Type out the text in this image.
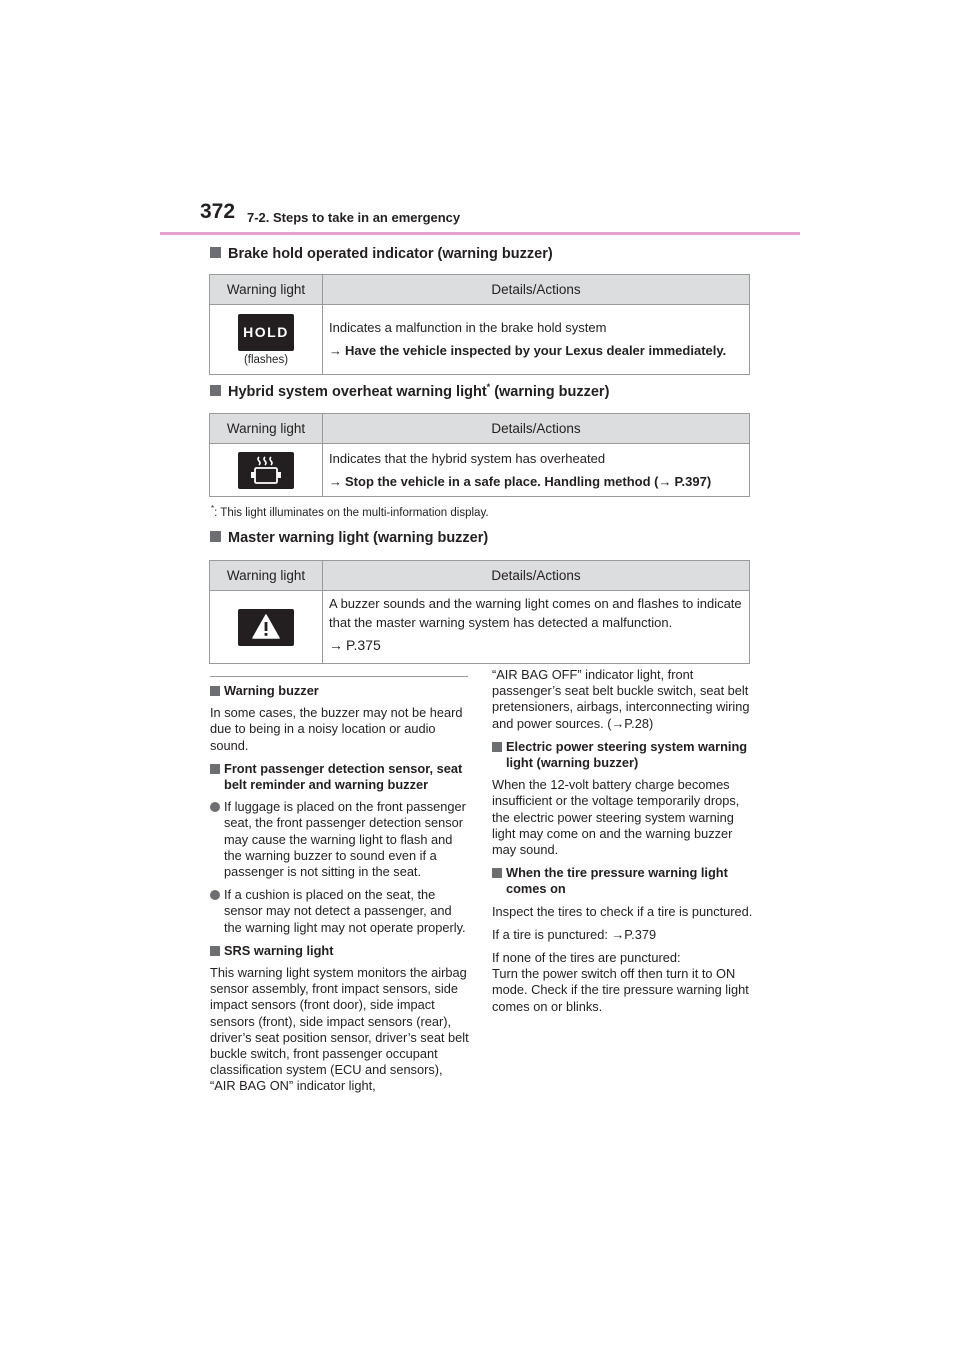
372 7-2. Steps to take in an emergency
Brake hold operated indicator (warning buzzer)
Warning light	Details/Actions
HOLD
(flashes)
Indicates a malfunction in the brake hold system
→ Have the vehicle inspected by your Lexus dealer immediately.
Hybrid system overheat warning light* (warning buzzer)
Warning light	Details/Actions
Indicates that the hybrid system has overheated
→ Stop the vehicle in a safe place. Handling method (→ P.397)
*: This light illuminates on the multi-information display.
Master warning light (warning buzzer)
Warning light	Details/Actions
A buzzer sounds and the warning light comes on and flashes to indicate that the master warning system has detected a malfunction.
→ P.375
Warning buzzer

In some cases, the buzzer may not be heard due to being in a noisy location or audio sound.

Front passenger detection sensor, seat belt reminder and warning buzzer
If luggage is placed on the front passenger seat, the front passenger detection sensor may cause the warning light to flash and the warning buzzer to sound even if a passenger is not sitting in the seat.
If a cushion is placed on the seat, the sensor may not detect a passenger, and the warning light may not operate properly.
SRS warning light

This warning light system monitors the airbag sensor assembly, front impact sensors, side impact sensors (front door), side impact sensors (front), side impact sensors (rear), driver’s seat position sensor, driver’s seat belt buckle switch, front passenger occupant classification system (ECU and sensors), “AIR BAG ON” indicator light,

“AIR BAG OFF” indicator light, front passenger’s seat belt buckle switch, seat belt pretensioners, airbags, interconnecting wiring and power sources. (→P.28)

Electric power steering system warning light (warning buzzer)

When the 12-volt battery charge becomes insufficient or the voltage temporarily drops, the electric power steering system warning light may come on and the warning buzzer may sound.

When the tire pressure warning light comes on

Inspect the tires to check if a tire is punctured.

If a tire is punctured: →P.379

If none of the tires are punctured:

Turn the power switch off then turn it to ON mode. Check if the tire pressure warning light comes on or blinks.
